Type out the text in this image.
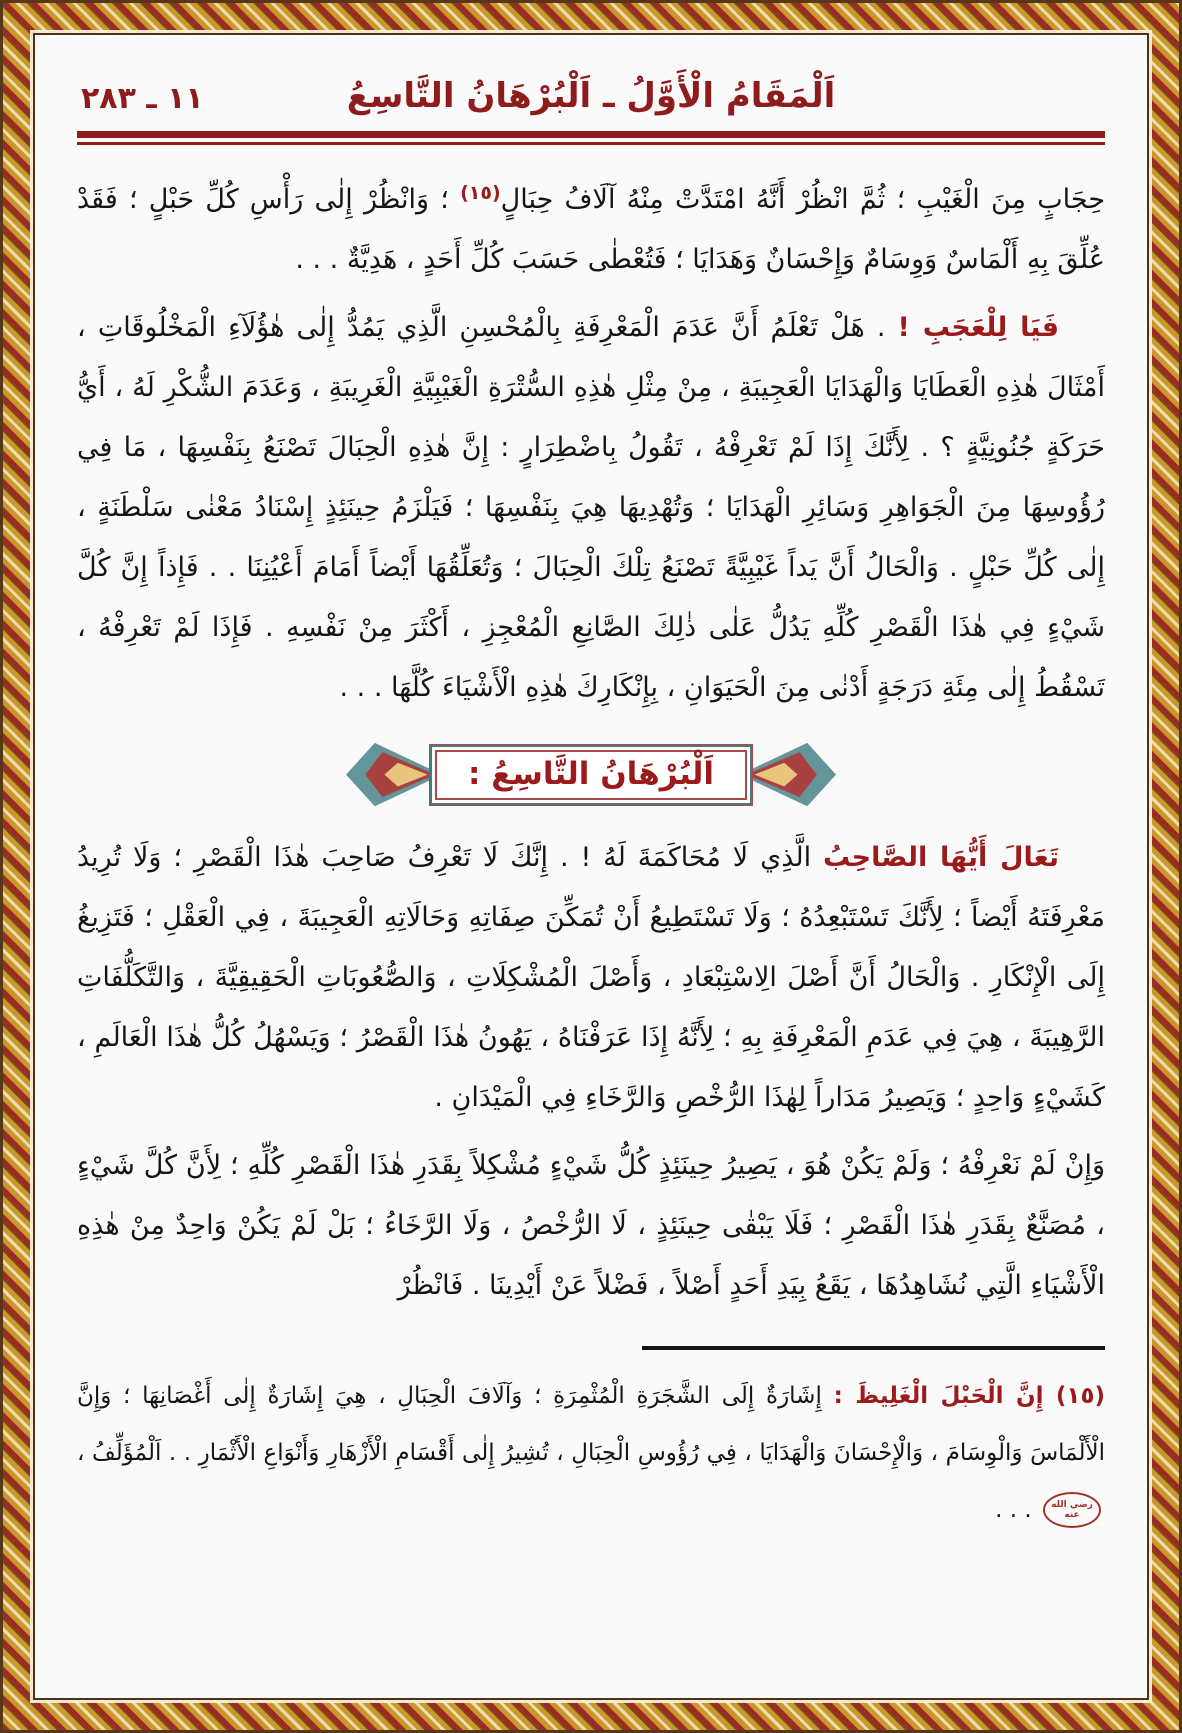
١١ ـ ٢٨٣	اَلْمَقَامُ الْأَوَّلُ ـ اَلْبُرْهَانُ التَّاسِعُ

حِجَابٍ مِنَ الْغَيْبِ ؛ ثُمَّ انْظُرْ أَنَّهُ امْتَدَّتْ مِنْهُ آلَافُ حِبَالٍ$^{(١٥)}$ ؛ وَانْظُرْ إِلٰى رَأْسِ كُلِّ حَبْلٍ ؛ فَقَدْ عُلِّقَ بِهِ أَلْمَاسٌ وَوِسَامٌ وَإِحْسَانٌ وَهَدَايَا ؛ فَتُعْطٰى حَسَبَ كُلِّ أَحَدٍ ، هَدِيَّةٌ . . .

فَيَا لِلْعَجَبِ ! . هَلْ تَعْلَمُ أَنَّ عَدَمَ الْمَعْرِفَةِ بِالْمُحْسِنِ الَّذِي يَمُدُّ إِلٰى هٰؤُلَآءِ الْمَخْلُوقَاتِ ، أَمْثَالَ هٰذِهِ الْعَطَايَا وَالْهَدَايَا الْعَجِيبَةِ ، مِنْ مِثْلِ هٰذِهِ السُّتْرَةِ الْغَيْبِيَّةِ الْغَرِيبَةِ ، وَعَدَمَ الشُّكْرِ لَهُ ، أَيُّ حَرَكَةٍ جُنُونِيَّةٍ ؟ . لِأَنَّكَ إِذَا لَمْ تَعْرِفْهُ ، تَقُولُ بِاضْطِرَارٍ : إِنَّ هٰذِهِ الْحِبَالَ تَصْنَعُ بِنَفْسِهَا ، مَا فِي رُؤُوسِهَا مِنَ الْجَوَاهِرِ وَسَائِرِ الْهَدَايَا ؛ وَتُهْدِيهَا هِيَ بِنَفْسِهَا ؛ فَيَلْزَمُ حِينَئِذٍ إِسْنَادُ مَعْنٰى سَلْطَنَةٍ ، إِلٰى كُلِّ حَبْلٍ . وَالْحَالُ أَنَّ يَداً غَيْبِيَّةً تَصْنَعُ تِلْكَ الْحِبَالَ ؛ وَتُعَلِّقُهَا أَيْضاً أَمَامَ أَعْيُنِنَا . . فَإِذاً إِنَّ كُلَّ شَيْءٍ فِي هٰذَا الْقَصْرِ كُلِّهِ يَدُلُّ عَلٰى ذٰلِكَ الصَّانِعِ الْمُعْجِزِ ، أَكْثَرَ مِنْ نَفْسِهِ . فَإِذَا لَمْ تَعْرِفْهُ ، تَسْقُطُ إِلٰى مِئَةِ دَرَجَةٍ أَدْنٰى مِنَ الْحَيَوَانِ ، بِإِنْكَارِكَ هٰذِهِ الْأَشْيَاءَ كُلَّهَا . . .

اَلْبُرْهَانُ التَّاسِعُ :

تَعَالَ أَيُّهَا الصَّاحِبُ الَّذِي لَا مُحَاكَمَةَ لَهُ ! . إِنَّكَ لَا تَعْرِفُ صَاحِبَ هٰذَا الْقَصْرِ ؛ وَلَا تُرِيدُ مَعْرِفَتَهُ أَيْضاً ؛ لِأَنَّكَ تَسْتَبْعِدُهُ ؛ وَلَا تَسْتَطِيعُ أَنْ تُمَكِّنَ صِفَاتِهِ وَحَالَاتِهِ الْعَجِيبَةَ ، فِي الْعَقْلِ ؛ فَتَزِيغُ إِلَى الْإِنْكَارِ . وَالْحَالُ أَنَّ أَصْلَ الِاسْتِبْعَادِ ، وَأَصْلَ الْمُشْكِلَاتِ ، وَالصُّعُوبَاتِ الْحَقِيقِيَّةَ ، وَالتَّكَلُّفَاتِ الرَّهِيبَةَ ، هِيَ فِي عَدَمِ الْمَعْرِفَةِ بِهِ ؛ لِأَنَّهُ إِذَا عَرَفْنَاهُ ، يَهُونُ هٰذَا الْقَصْرُ ؛ وَيَسْهُلُ كُلُّ هٰذَا الْعَالَمِ ، كَشَيْءٍ وَاحِدٍ ؛ وَيَصِيرُ مَدَاراً لِهٰذَا الرُّخْصِ وَالرَّخَاءِ فِي الْمَيْدَانِ .

وَإِنْ لَمْ نَعْرِفْهُ ؛ وَلَمْ يَكُنْ هُوَ ، يَصِيرُ حِينَئِذٍ كُلُّ شَيْءٍ مُشْكِلاً بِقَدَرِ هٰذَا الْقَصْرِ كُلِّهِ ؛ لِأَنَّ كُلَّ شَيْءٍ ، مُصَنَّعٌ بِقَدَرِ هٰذَا الْقَصْرِ ؛ فَلَا يَبْقٰى حِينَئِذٍ ، لَا الرُّخْصُ ، وَلَا الرَّخَاءُ ؛ بَلْ لَمْ يَكُنْ وَاحِدٌ مِنْ هٰذِهِ الْأَشْيَاءِ الَّتِي نُشَاهِدُهَا ، يَقَعُ بِيَدِ أَحَدٍ أَصْلاً ، فَضْلاً عَنْ أَيْدِينَا . فَانْظُرْ

(١٥) إِنَّ الْحَبْلَ الْغَلِيظَ : إِشَارَةٌ إِلَى الشَّجَرَةِ الْمُثْمِرَةِ ؛ وَآلَافَ الْحِبَالِ ، هِيَ إِشَارَةٌ إِلٰى أَغْصَانِهَا ؛ وَإِنَّ الْأَلْمَاسَ وَالْوِسَامَ ، وَالْإِحْسَانَ وَالْهَدَايَا ، فِي رُؤُوسِ الْحِبَالِ ، تُشِيرُ إِلٰى أَقْسَامِ الْأَزْهَارِ وَأَنْوَاعِ الْأَثْمَارِ . . اَلْمُؤَلِّفُ ،رضي الله عنه . . .
